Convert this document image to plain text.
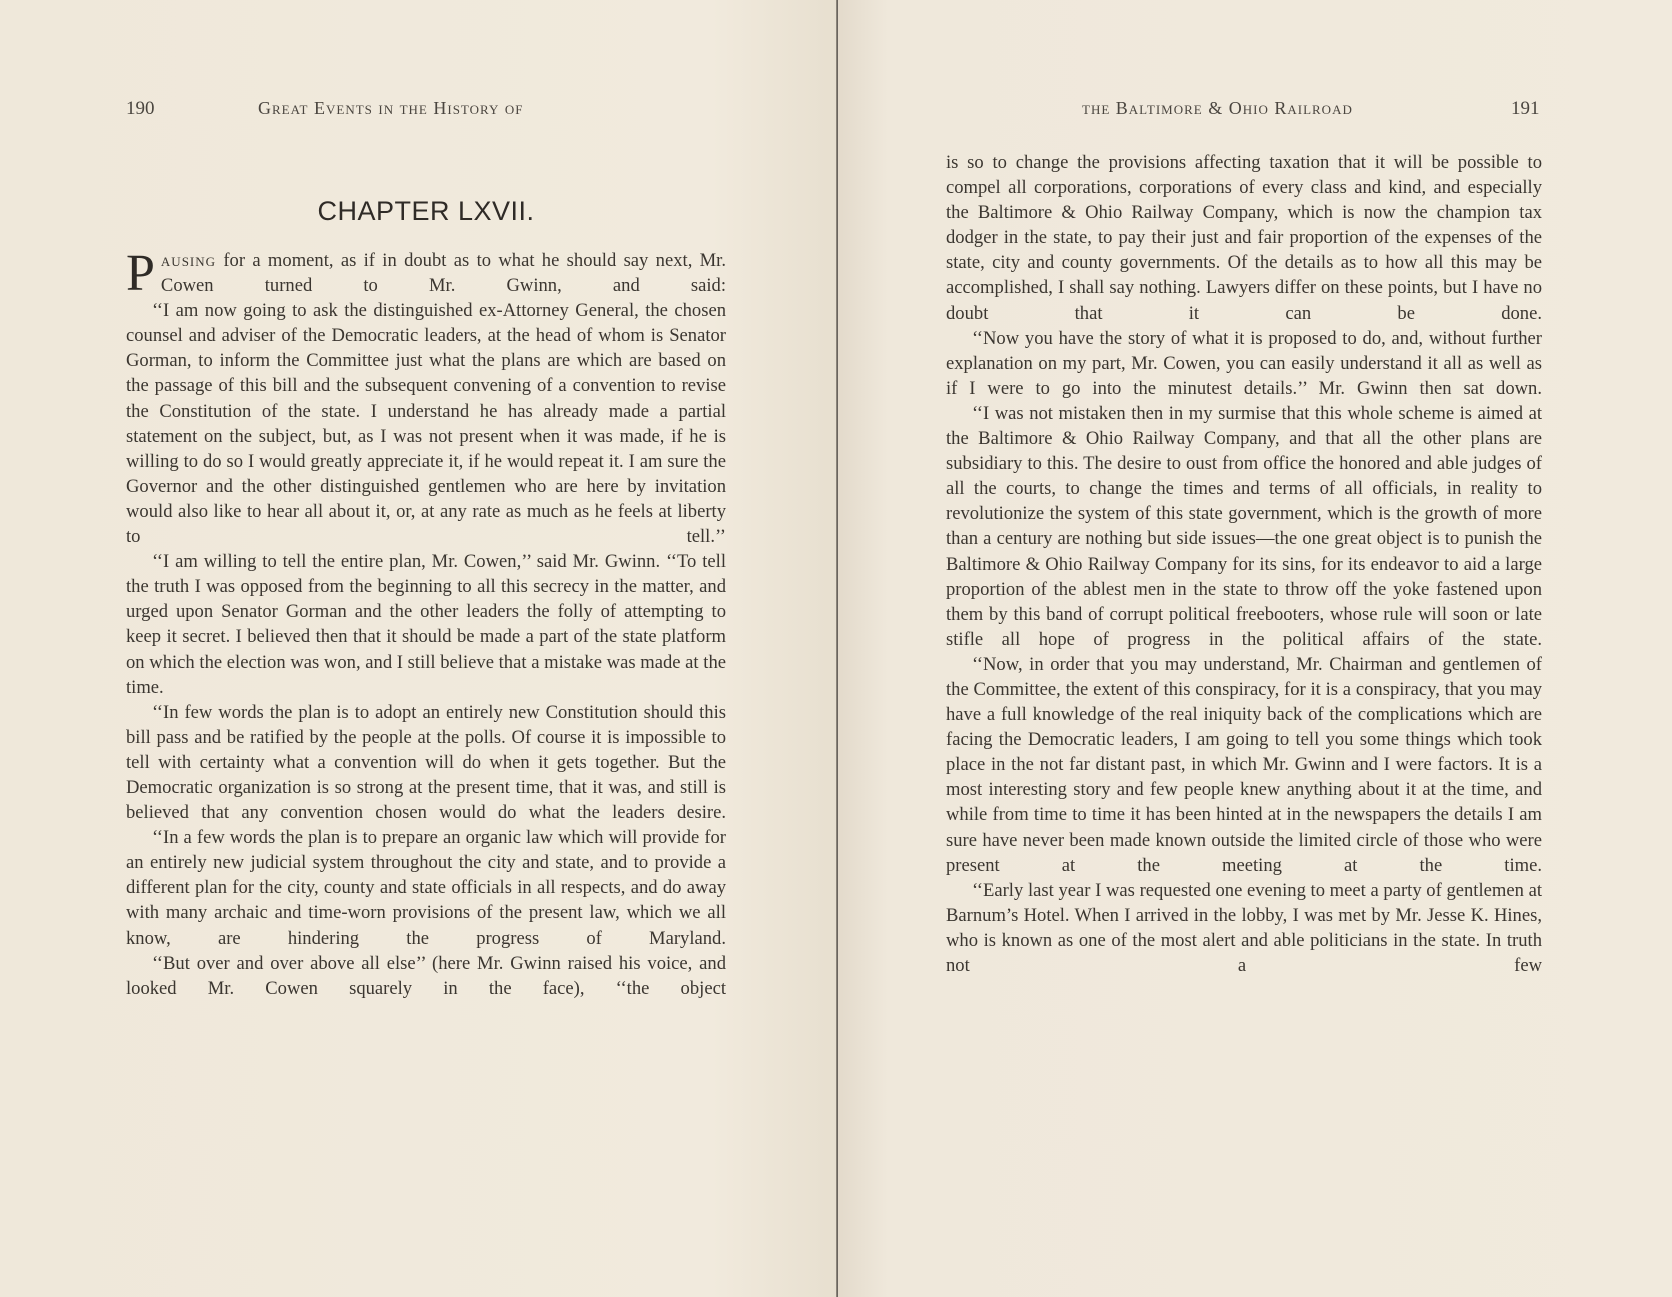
190	Great Events in the History of
CHAPTER LXVII.

Pausing for a moment, as if in doubt as to what he should say next, Mr. Cowen turned to Mr. Gwinn, and said:

‘‘I am now going to ask the distinguished ex-Attorney General, the chosen counsel and adviser of the Democratic leaders, at the head of whom is Senator Gorman, to inform the Committee just what the plans are which are based on the passage of this bill and the subsequent convening of a convention to revise the Constitution of the state. I understand he has already made a partial statement on the subject, but, as I was not present when it was made, if he is willing to do so I would greatly appreciate it, if he would repeat it. I am sure the Governor and the other distinguished gentlemen who are here by invitation would also like to hear all about it, or, at any rate as much as he feels at liberty to tell.’’

‘‘I am willing to tell the entire plan, Mr. Cowen,’’ said Mr. Gwinn. ‘‘To tell the truth I was opposed from the beginning to all this secrecy in the matter, and urged upon Senator Gorman and the other leaders the folly of attempting to keep it secret. I believed then that it should be made a part of the state platform on which the election was won, and I still believe that a mistake was made at the time.

‘‘In few words the plan is to adopt an entirely new Constitution should this bill pass and be ratified by the people at the polls. Of course it is impossible to tell with certainty what a convention will do when it gets together. But the Democratic organization is so strong at the present time, that it was, and still is believed that any convention chosen would do what the leaders desire.

‘‘In a few words the plan is to prepare an organic law which will provide for an entirely new judicial system throughout the city and state, and to provide a different plan for the city, county and state officials in all respects, and do away with many archaic and time-worn provisions of the present law, which we all know, are hindering the progress of Maryland.

‘‘But over and over above all else’’ (here Mr. Gwinn raised his voice, and looked Mr. Cowen squarely in the face), ‘‘the object

the Baltimore & Ohio Railroad	191

is so to change the provisions affecting taxation that it will be possible to compel all corporations, corporations of every class and kind, and especially the Baltimore & Ohio Railway Company, which is now the champion tax dodger in the state, to pay their just and fair proportion of the expenses of the state, city and county governments. Of the details as to how all this may be accomplished, I shall say nothing. Lawyers differ on these points, but I have no doubt that it can be done.

‘‘Now you have the story of what it is proposed to do, and, without further explanation on my part, Mr. Cowen, you can easily understand it all as well as if I were to go into the minutest details.’’ Mr. Gwinn then sat down.

‘‘I was not mistaken then in my surmise that this whole scheme is aimed at the Baltimore & Ohio Railway Company, and that all the other plans are subsidiary to this. The desire to oust from office the honored and able judges of all the courts, to change the times and terms of all officials, in reality to revolutionize the system of this state government, which is the growth of more than a century are nothing but side issues—the one great object is to punish the Baltimore & Ohio Railway Company for its sins, for its endeavor to aid a large proportion of the ablest men in the state to throw off the yoke fastened upon them by this band of corrupt political freebooters, whose rule will soon or late stifle all hope of progress in the political affairs of the state.

‘‘Now, in order that you may understand, Mr. Chairman and gentlemen of the Committee, the extent of this conspiracy, for it is a conspiracy, that you may have a full knowledge of the real iniquity back of the complications which are facing the Democratic leaders, I am going to tell you some things which took place in the not far distant past, in which Mr. Gwinn and I were factors. It is a most interesting story and few people knew anything about it at the time, and while from time to time it has been hinted at in the newspapers the details I am sure have never been made known outside the limited circle of those who were present at the meeting at the time.

‘‘Early last year I was requested one evening to meet a party of gentlemen at Barnum’s Hotel. When I arrived in the lobby, I was met by Mr. Jesse K. Hines, who is known as one of the most alert and able politicians in the state. In truth not a few
